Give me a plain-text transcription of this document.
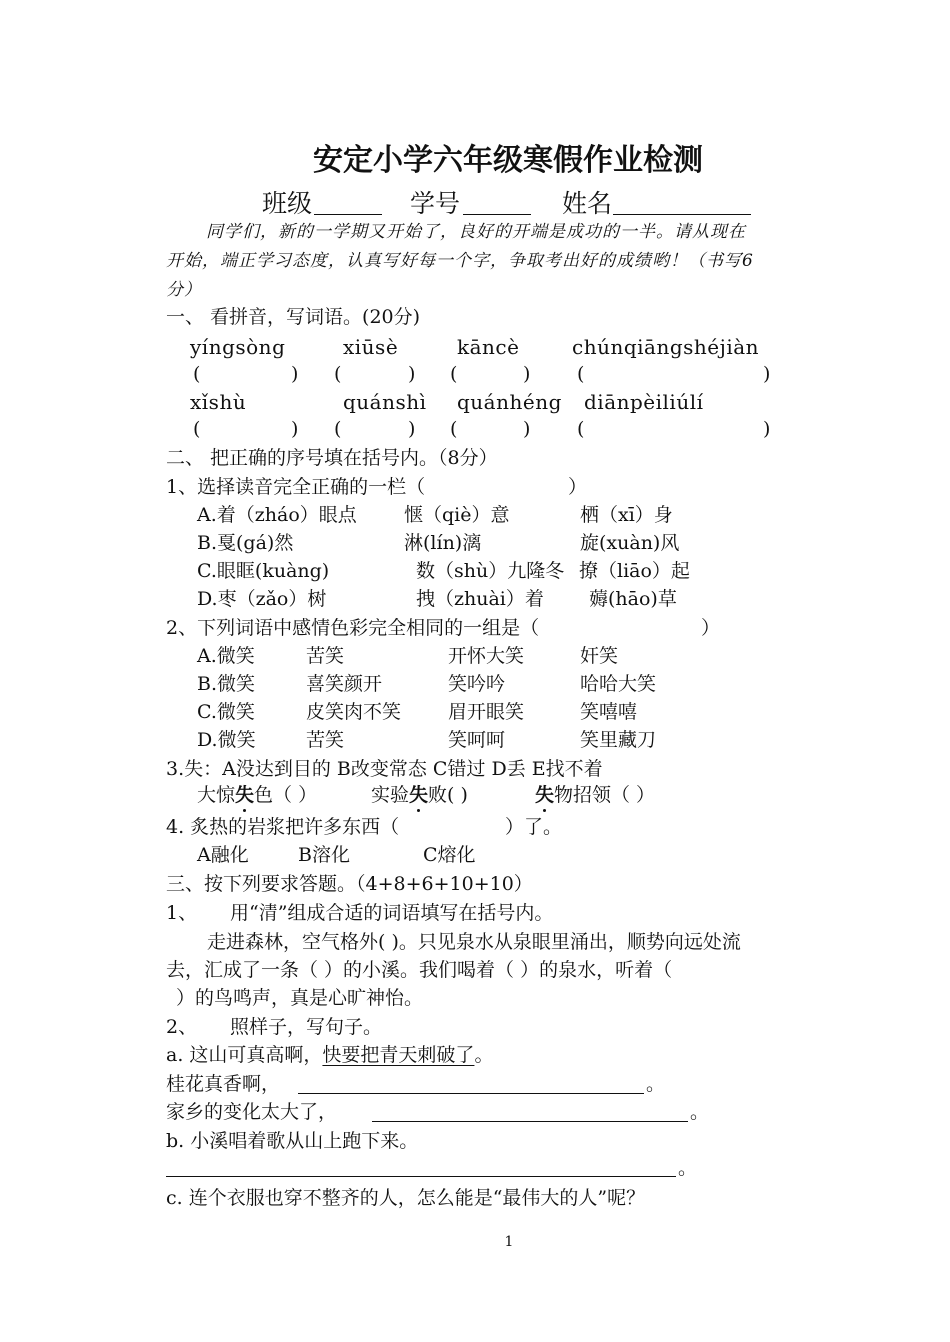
安定小学六年级寒假作业检测
班级	学号	姓名
同学们，新的一学期又开始了，良好的开端是成功的一半。请从现在
开始，端正学习态度，认真写好每一个字，争取考出好的成绩哟！（书写6
分）
一、 看拼音，写词语。(20分)
yíngsòng	xiūsè	kāncè	chúnqiāngshéjiàn
(	) (	) (	) (	)
xǐshù	quánshì quánhéng diānpèiliúlí
(	) (	) (	) (	)
二、 把正确的序号填在括号内。（8分）
1、选择读音完全正确的一栏（	）
A.着（zháo）眼点 惬（qiè）意	栖（xī）身
B.戛(gá)然	淋(lín)漓	旋(xuàn)风
C.眼眶(kuàng)	数（shù）九隆冬 撩（liāo）起
D.枣（zǎo）树	拽（zhuài）着 薅(hāo)草
2、下列词语中感情色彩完全相同的一组是（	）
A.微笑	苦笑	开怀大笑	奸笑
B.微笑	喜笑颜开	笑吟吟	哈哈大笑
C.微笑	皮笑肉不笑 眉开眼笑	笑嘻嘻
D.微笑	苦笑	笑呵呵	笑里藏刀
3.失：A没达到目的 B改变常态 C错过 D丢 E找不着
大惊失色（ ）	实验失败( )	失物招领（ ）
4. 炙热的岩浆把许多东西（	）了。
A融化	B溶化	C熔化
三、按下列要求答题。（4+8+6+10+10）
1、 用“清”组成合适的词语填写在括号内。
走进森林，空气格外( )。只见泉水从泉眼里涌出，顺势向远处流
去，汇成了一条（ ）的小溪。我们喝着（ ）的泉水，听着（
）的鸟鸣声，真是心旷神怡。
2、 照样子，写句子。
a. 这山可真高啊，快要把青天刺破了。
桂花真香啊，	。
家乡的变化太大了，	。
b. 小溪唱着歌从山上跑下来。
。
c. 连个衣服也穿不整齐的人，怎么能是“最伟大的人”呢？
1
